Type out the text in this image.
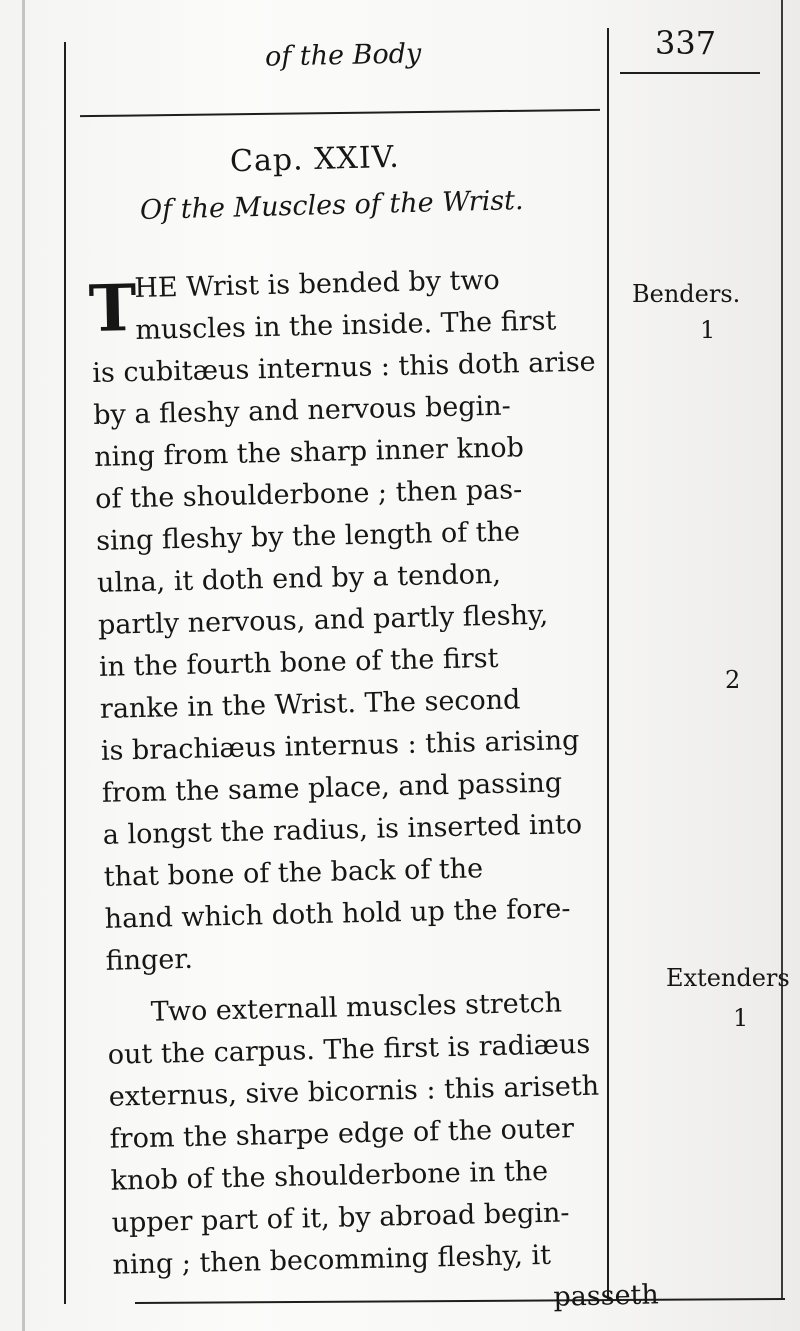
of the Body	337
Cap. XXIV.
Of the Muscles of the Wrist.
T
HE Wrist is bended by two
muscles in the inside. The first
is cubitæus internus : this doth arise
by a fleshy and nervous begin-
ning from the sharp inner knob
of the shoulderbone ; then pas-
sing fleshy by the length of the
ulna, it doth end by a tendon,
partly nervous, and partly fleshy,
in the fourth bone of the first
ranke in the Wrist. The second
is brachiæus internus : this arising
from the same place, and passing
a longst the radius, is inserted into
that bone of the back of the
hand which doth hold up the fore-
finger.
Two externall muscles stretch
out the carpus. The first is radiæus
externus, sive bicornis : this ariseth
from the sharpe edge of the outer
knob of the shoulderbone in the
upper part of it, by abroad begin-
ning ; then becomming fleshy, it
passeth
Benders.
1
2
Extenders
1
